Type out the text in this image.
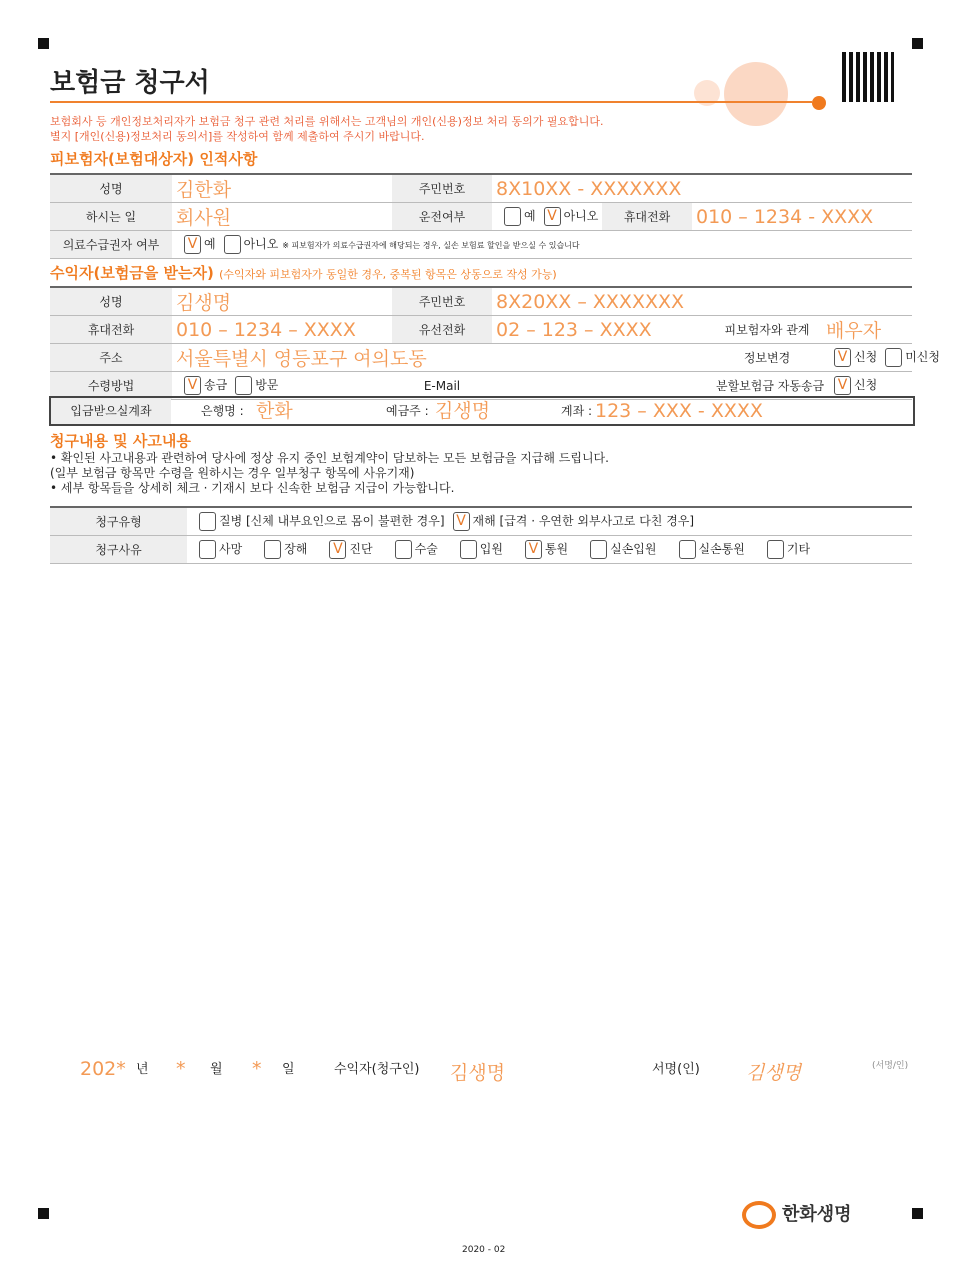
보험금 청구서
보험회사 등 개인정보처리자가 보험금 청구 관련 처리를 위해서는 고객님의 개인(신용)정보 처리 동의가 필요합니다.
별지 [개인(신용)정보처리 동의서]를 작성하여 함께 제출하여 주시기 바랍니다.
피보험자(보험대상자) 인적사항
성명	김한화	주민번호	8X10XX - XXXXXXX		
하시는 일	회사원	운전여부	예 V 아니오	휴대전화	010 – 1234 - XXXX
의료수급권자 여부	V 예 아니오 ※ 피보험자가 의료수급권자에 해당되는 경우, 실손 보험료 할인을 받으실 수 있습니다				
수익자(보험금을 받는자) (수익자와 피보험자가 동일한 경우, 중복된 항목은 상동으로 작성 가능)
성명	김생명	주민번호	8X20XX – XXXXXXX		
휴대전화	010 – 1234 – XXXX	유선전화	02 – 123 – XXXX	피보험자와 관계	배우자
주소	서울특별시 영등포구 여의도동			정보변경	V 신청 미신청
수령방법	V 송금 방문	E-Mail		분할보험금 자동송금	V 신청
입금받으실계좌	은행명 : 한화	예금주 : 김생명	계좌 : 123 – XXX - XXXX
청구내용 및 사고내용
• 확인된 사고내용과 관련하여 당사에 정상 유지 중인 보험계약이 담보하는 모든 보험금을 지급해 드립니다.
(일부 보험금 항목만 수령을 원하시는 경우 일부청구 항목에 사유기재)
• 세부 항목들을 상세히 체크 · 기재시 보다 신속한 보험금 지급이 가능합니다.
청구유형	질병 [신체 내부요인으로 몸이 불편한 경우] V 재해 [급격 · 우연한 외부사고로 다친 경우]
청구사유	사망 장해 V 진단 수술 입원 V 통원 실손입원 실손통원 기타
202* 년 * 월 * 일	수익자(청구인) 김생명	서명(인) 김생명	(서명/인)
한화생명
2020 - 02
